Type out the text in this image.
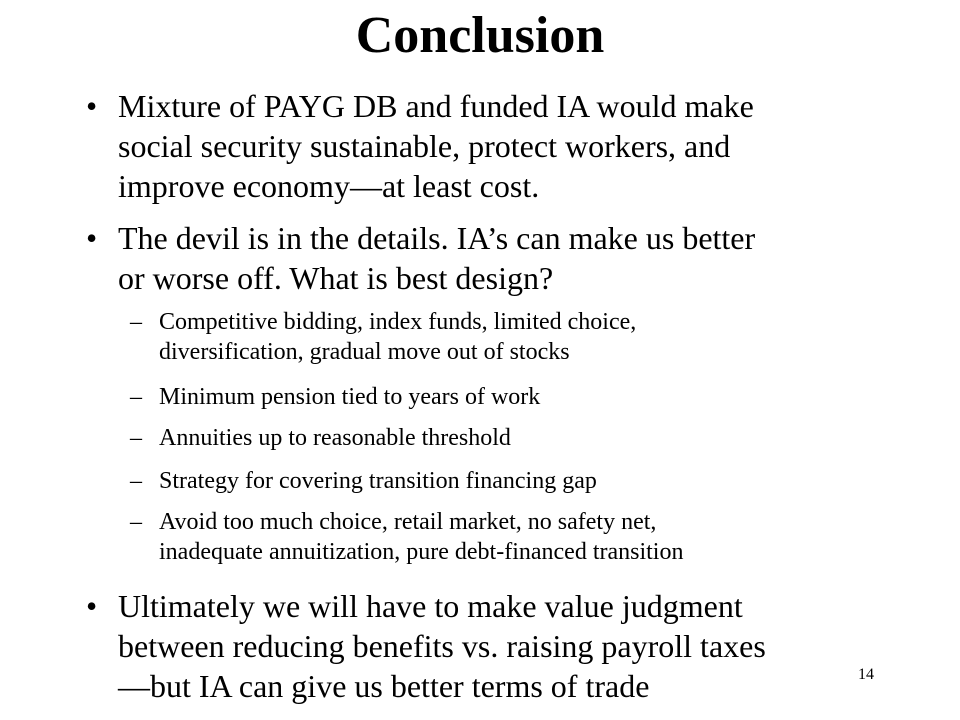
Conclusion
• Mixture of PAYG DB and funded IA would make
social security sustainable, protect workers, and
improve economy—at least cost.
• The devil is in the details. IA’s can make us better
or worse off. What is best design?
– Competitive bidding, index funds, limited choice,
diversification, gradual move out of stocks
– Minimum pension tied to years of work
– Annuities up to reasonable threshold
– Strategy for covering transition financing gap
– Avoid too much choice, retail market, no safety net,
inadequate annuitization, pure debt-financed transition
• Ultimately we will have to make value judgment
between reducing benefits vs. raising payroll taxes
—but IA can give us better terms of trade	14
